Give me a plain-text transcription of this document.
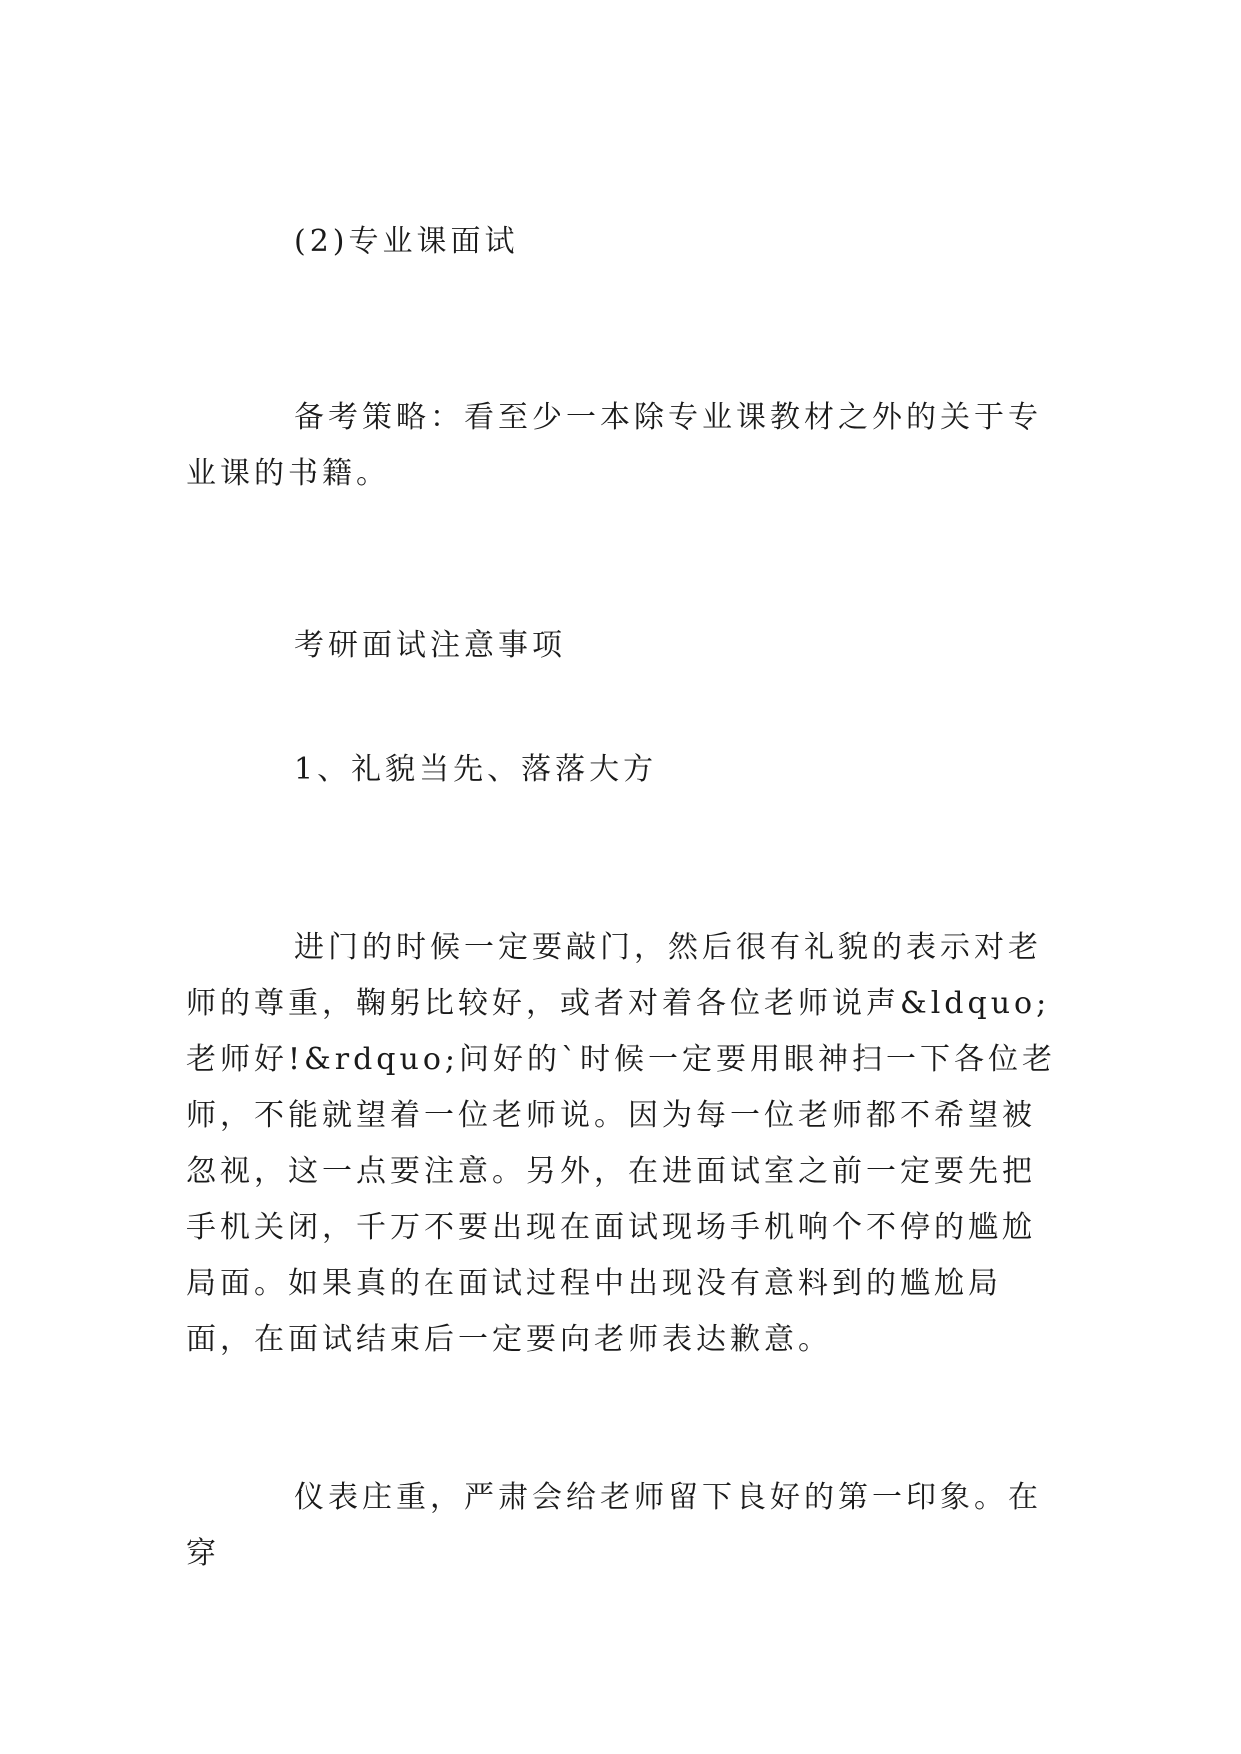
(2)专业课面试
备考策略：看至少一本除专业课教材之外的关于专业课的书籍。
考研面试注意事项
1、礼貌当先、落落大方
进门的时候一定要敲门，然后很有礼貌的表示对老师的尊重，鞠躬比较好，或者对着各位老师说声&ldquo;老师好!&rdquo;问好的`时候一定要用眼神扫一下各位老师，不能就望着一位老师说。因为每一位老师都不希望被忽视，这一点要注意。另外，在进面试室之前一定要先把手机关闭，千万不要出现在面试现场手机响个不停的尴尬局面。如果真的在面试过程中出现没有意料到的尴尬局面，在面试结束后一定要向老师表达歉意。
仪表庄重，严肃会给老师留下良好的第一印象。在穿
